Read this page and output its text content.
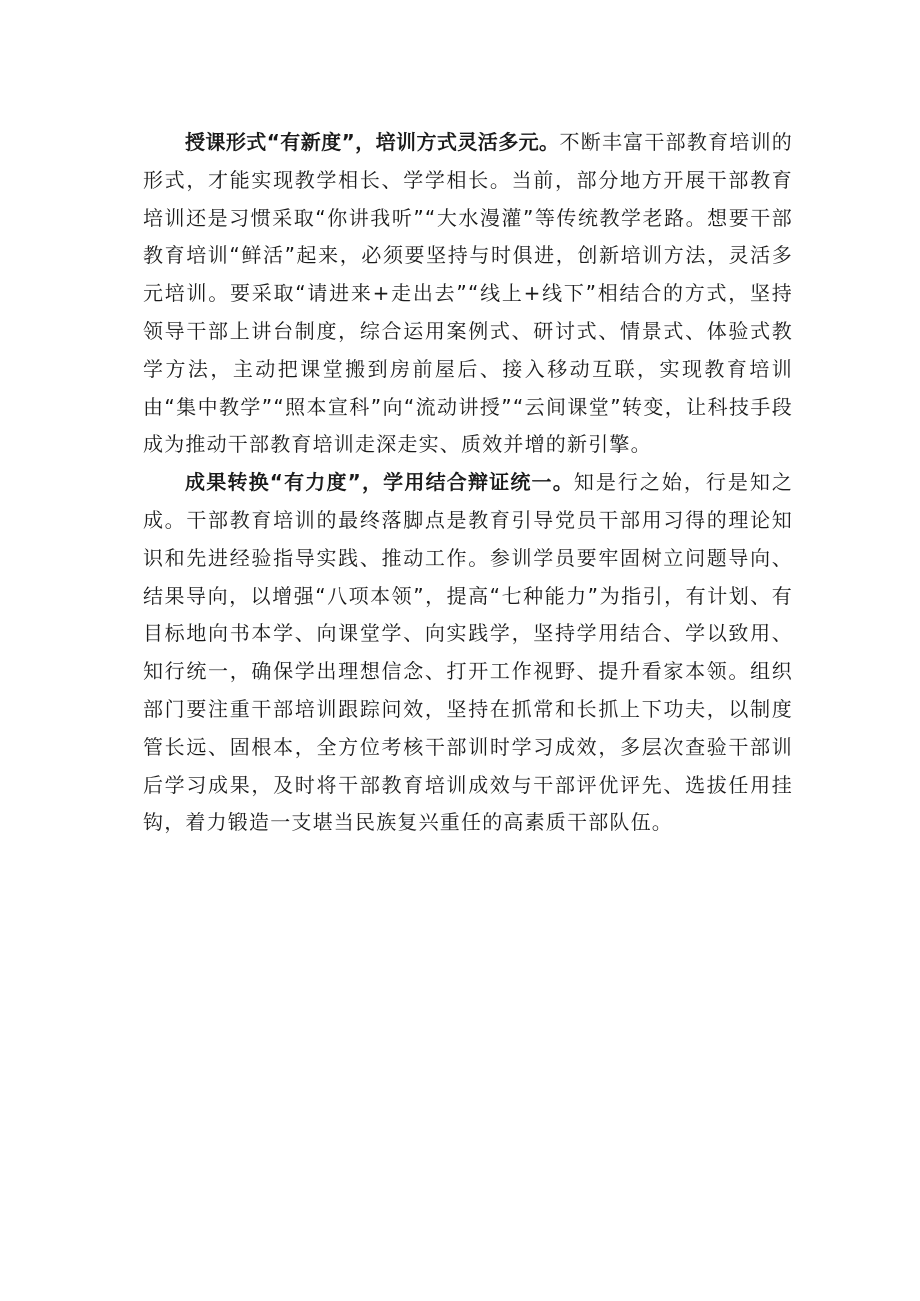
授课形式“有新度”，培训方式灵活多元。不断丰富干部教育培训的形式，才能实现教学相长、学学相长。当前，部分地方开展干部教育培训还是习惯采取“你讲我听”“大水漫灌”等传统教学老路。想要干部教育培训“鲜活”起来，必须要坚持与时俱进，创新培训方法，灵活多元培训。要采取“请进来+走出去”“线上+线下”相结合的方式，坚持领导干部上讲台制度，综合运用案例式、研讨式、情景式、体验式教学方法，主动把课堂搬到房前屋后、接入移动互联，实现教育培训由“集中教学”“照本宣科”向“流动讲授”“云间课堂”转变，让科技手段成为推动干部教育培训走深走实、质效并增的新引擎。

成果转换“有力度”，学用结合辩证统一。知是行之始，行是知之成。干部教育培训的最终落脚点是教育引导党员干部用习得的理论知识和先进经验指导实践、推动工作。参训学员要牢固树立问题导向、结果导向，以增强“八项本领”，提高“七种能力”为指引，有计划、有目标地向书本学、向课堂学、向实践学，坚持学用结合、学以致用、知行统一，确保学出理想信念、打开工作视野、提升看家本领。组织部门要注重干部培训跟踪问效，坚持在抓常和长抓上下功夫，以制度管长远、固根本，全方位考核干部训时学习成效，多层次查验干部训后学习成果，及时将干部教育培训成效与干部评优评先、选拔任用挂钩，着力锻造一支堪当民族复兴重任的高素质干部队伍。
